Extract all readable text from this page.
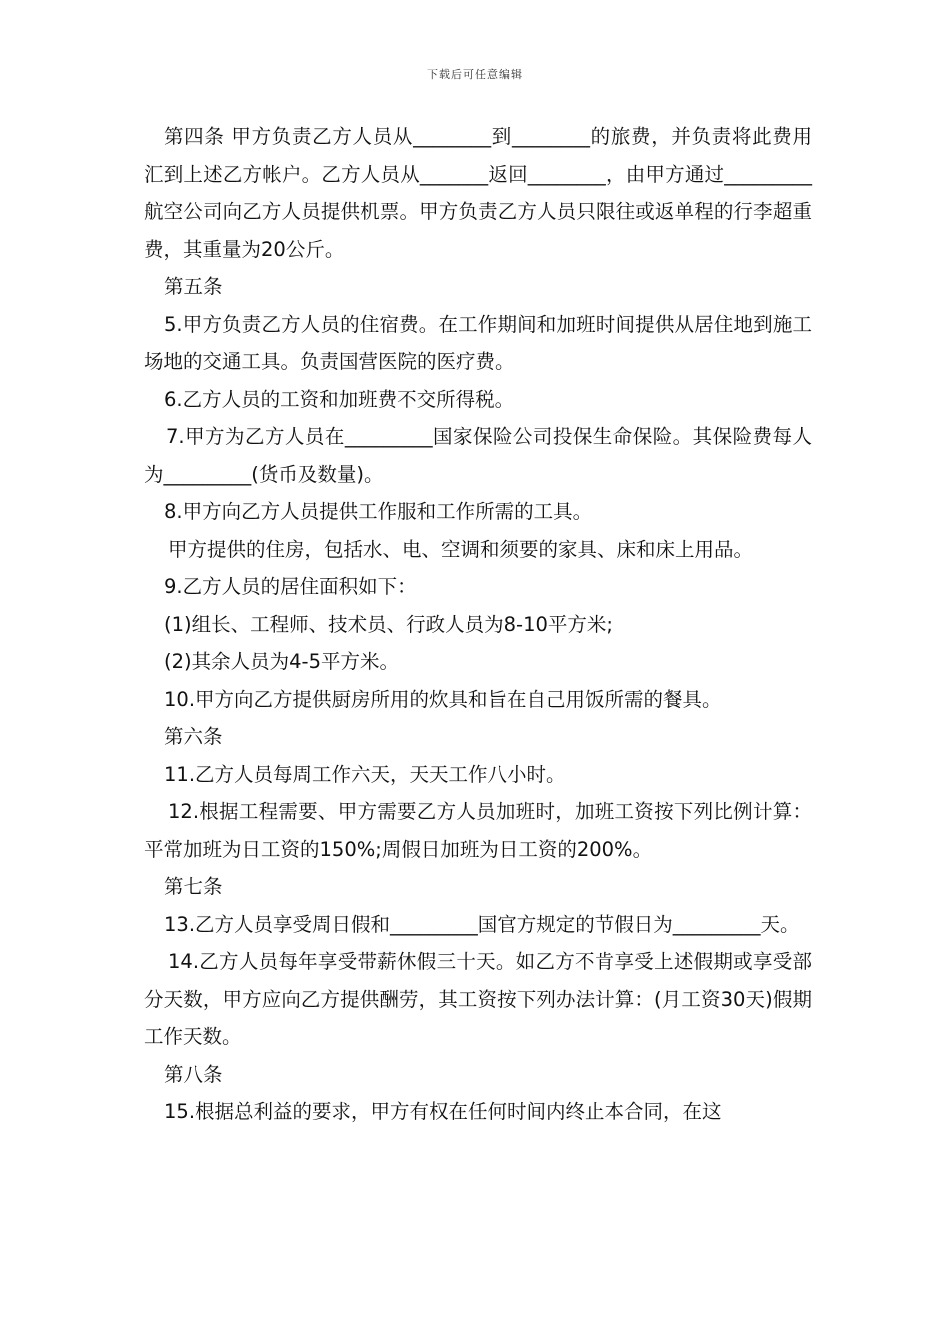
下载后可任意编辑

第四条 甲方负责乙方人员从________到________的旅费，并负责将此费用汇到上述乙方帐户。乙方人员从_______返回________，由甲方通过_________航空公司向乙方人员提供机票。甲方负责乙方人员只限往或返单程的行李超重费，其重量为20公斤。

第五条

5.甲方负责乙方人员的住宿费。在工作期间和加班时间提供从居住地到施工场地的交通工具。负责国营医院的医疗费。

6.乙方人员的工资和加班费不交所得税。

7.甲方为乙方人员在_________国家保险公司投保生命保险。其保险费每人为_________(货币及数量)。

8.甲方向乙方人员提供工作服和工作所需的工具。

甲方提供的住房，包括水、电、空调和须要的家具、床和床上用品。

9.乙方人员的居住面积如下：

(1)组长、工程师、技术员、行政人员为8-10平方米;

(2)其余人员为4-5平方米。

10.甲方向乙方提供厨房所用的炊具和旨在自己用饭所需的餐具。

第六条

11.乙方人员每周工作六天，天天工作八小时。

12.根据工程需要、甲方需要乙方人员加班时，加班工资按下列比例计算：平常加班为日工资的150%;周假日加班为日工资的200%。

第七条

13.乙方人员享受周日假和_________国官方规定的节假日为_________天。

14.乙方人员每年享受带薪休假三十天。如乙方不肯享受上述假期或享受部分天数，甲方应向乙方提供酬劳，其工资按下列办法计算：(月工资30天)假期工作天数。

第八条

15.根据总利益的要求，甲方有权在任何时间内终止本合同，在这
